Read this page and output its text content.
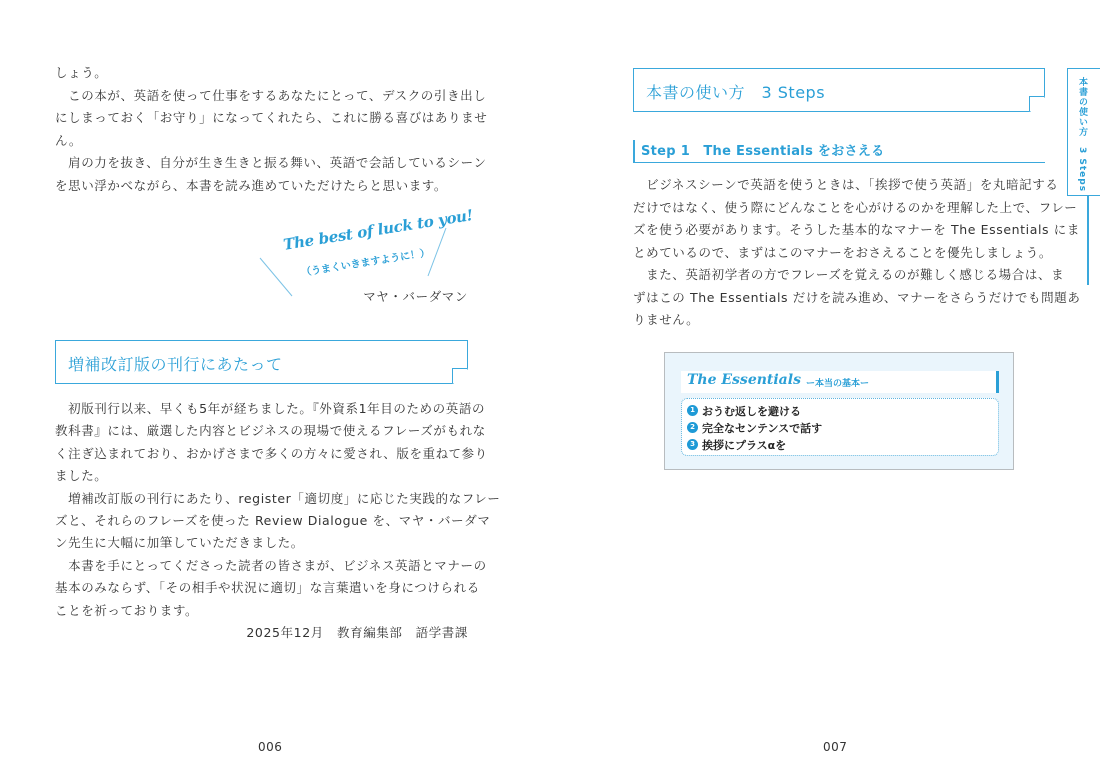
しょう。
　この本が、英語を使って仕事をするあなたにとって、デスクの引き出し
にしまっておく「お守り」になってくれたら、これに勝る喜びはありませ
ん。
　肩の力を抜き、自分が生き生きと振る舞い、英語で会話しているシーン
を思い浮かべながら、本書を読み進めていただけたらと思います。
The best of luck to you!
（うまくいきますように！）
マヤ・バーダマン
増補改訂版の刊行にあたって
　初版刊行以来、早くも5年が経ちました。『外資系1年目のための英語の
教科書』には、厳選した内容とビジネスの現場で使えるフレーズがもれな
く注ぎ込まれており、おかげさまで多くの方々に愛され、版を重ねて参り
ました。
　増補改訂版の刊行にあたり、register「適切度」に応じた実践的なフレー
ズと、それらのフレーズを使った Review Dialogue を、マヤ・バーダマ
ン先生に大幅に加筆していただきました。
　本書を手にとってくださった読者の皆さまが、ビジネス英語とマナーの
基本のみならず、「その相手や状況に適切」な言葉遣いを身につけられる
ことを祈っております。
2025年12月　教育編集部　語学書課
006
本書の使い方　3 Steps
Step 1　The Essentials をおさえる
　ビジネスシーンで英語を使うときは、「挨拶で使う英語」を丸暗記する
だけではなく、使う際にどんなことを心がけるのかを理解した上で、フレー
ズを使う必要があります。そうした基本的なマナーを The Essentials にま
とめているので、まずはこのマナーをおさえることを優先しましょう。
　また、英語初学者の方でフレーズを覚えるのが難しく感じる場合は、ま
ずはこの The Essentials だけを読み進め、マナーをさらうだけでも問題あ
りません。
The Essentials ー本当の基本ー
1 おうむ返しを避ける
2 完全なセンテンスで話す
3 挨拶にプラスαを
本書の使い方　3 Steps
007
